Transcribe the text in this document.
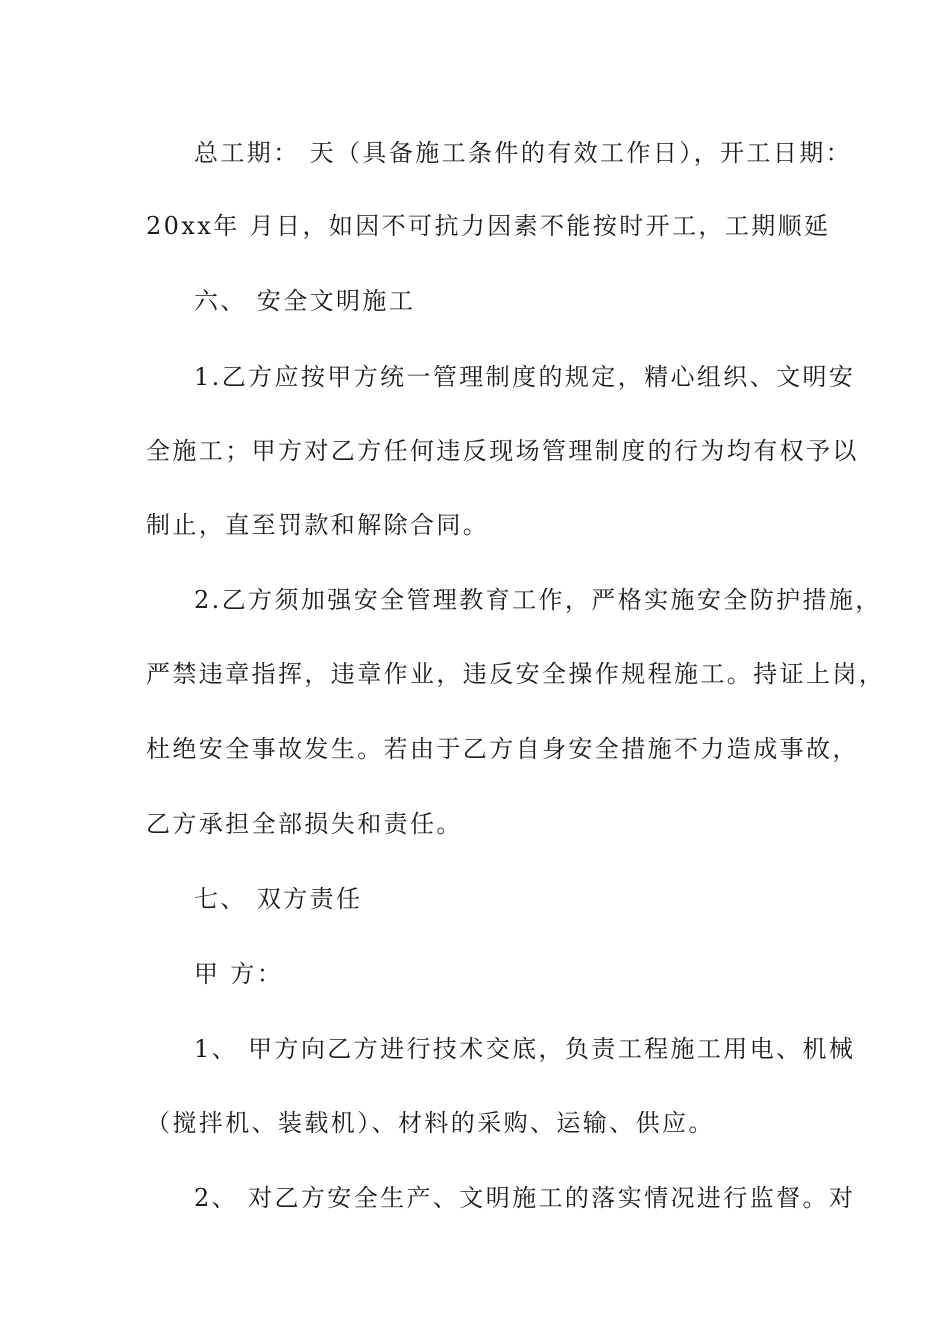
总工期： 天（具备施工条件的有效工作日），开工日期：

20xx年 月日，如因不可抗力因素不能按时开工，工期顺延

六、 安全文明施工

1.乙方应按甲方统一管理制度的规定，精心组织、文明安

全施工；甲方对乙方任何违反现场管理制度的行为均有权予以

制止，直至罚款和解除合同。

2.乙方须加强安全管理教育工作，严格实施安全防护措施，

严禁违章指挥，违章作业，违反安全操作规程施工。持证上岗，

杜绝安全事故发生。若由于乙方自身安全措施不力造成事故，

乙方承担全部损失和责任。

七、 双方责任

甲 方：

1、 甲方向乙方进行技术交底，负责工程施工用电、机械

（搅拌机、装载机）、材料的采购、运输、供应。

2、 对乙方安全生产、文明施工的落实情况进行监督。对
